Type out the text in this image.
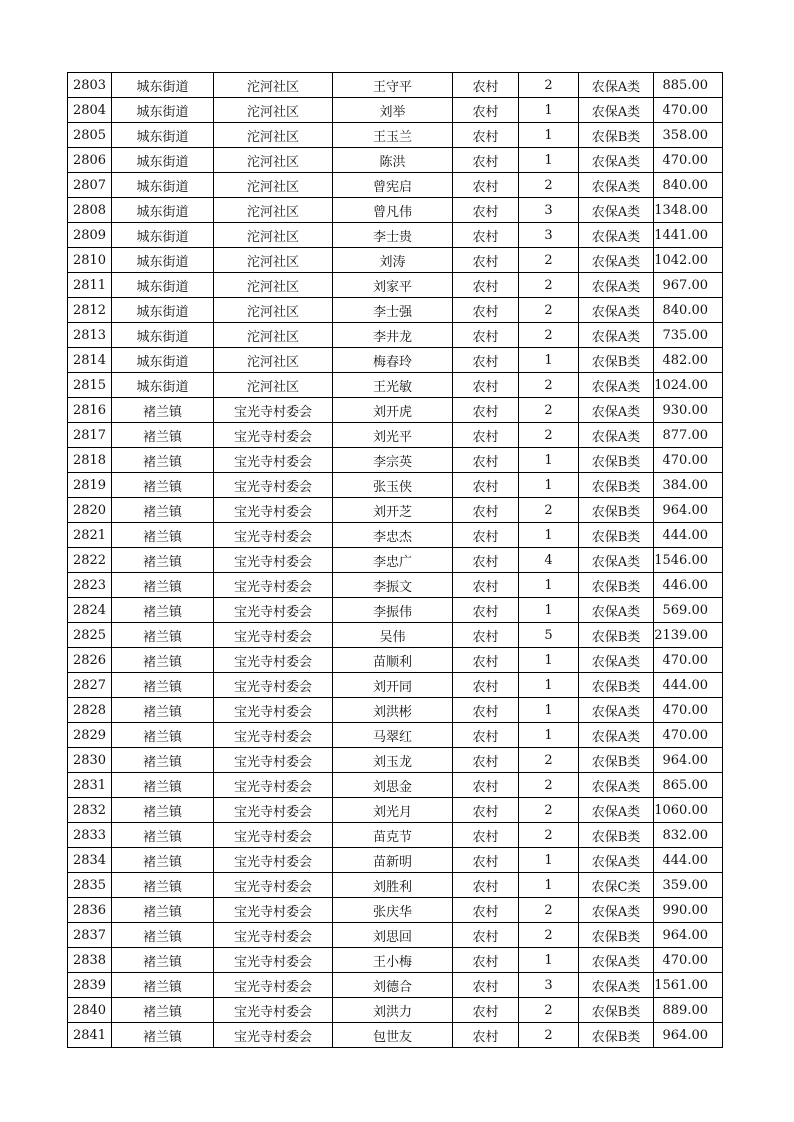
2803	城东街道	沱河社区	王守平	农村	2	农保A类	885.00
2804	城东街道	沱河社区	刘举	农村	1	农保A类	470.00
2805	城东街道	沱河社区	王玉兰	农村	1	农保B类	358.00
2806	城东街道	沱河社区	陈洪	农村	1	农保A类	470.00
2807	城东街道	沱河社区	曾宪启	农村	2	农保A类	840.00
2808	城东街道	沱河社区	曾凡伟	农村	3	农保A类	1348.00
2809	城东街道	沱河社区	李士贵	农村	3	农保A类	1441.00
2810	城东街道	沱河社区	刘涛	农村	2	农保A类	1042.00
2811	城东街道	沱河社区	刘家平	农村	2	农保A类	967.00
2812	城东街道	沱河社区	李士强	农村	2	农保A类	840.00
2813	城东街道	沱河社区	李井龙	农村	2	农保A类	735.00
2814	城东街道	沱河社区	梅春玲	农村	1	农保B类	482.00
2815	城东街道	沱河社区	王光敏	农村	2	农保A类	1024.00
2816	褚兰镇	宝光寺村委会	刘开虎	农村	2	农保A类	930.00
2817	褚兰镇	宝光寺村委会	刘光平	农村	2	农保A类	877.00
2818	褚兰镇	宝光寺村委会	李宗英	农村	1	农保B类	470.00
2819	褚兰镇	宝光寺村委会	张玉侠	农村	1	农保B类	384.00
2820	褚兰镇	宝光寺村委会	刘开芝	农村	2	农保B类	964.00
2821	褚兰镇	宝光寺村委会	李忠杰	农村	1	农保B类	444.00
2822	褚兰镇	宝光寺村委会	李忠广	农村	4	农保A类	1546.00
2823	褚兰镇	宝光寺村委会	李振文	农村	1	农保B类	446.00
2824	褚兰镇	宝光寺村委会	李振伟	农村	1	农保A类	569.00
2825	褚兰镇	宝光寺村委会	吴伟	农村	5	农保B类	2139.00
2826	褚兰镇	宝光寺村委会	苗顺利	农村	1	农保A类	470.00
2827	褚兰镇	宝光寺村委会	刘开同	农村	1	农保B类	444.00
2828	褚兰镇	宝光寺村委会	刘洪彬	农村	1	农保A类	470.00
2829	褚兰镇	宝光寺村委会	马翠红	农村	1	农保A类	470.00
2830	褚兰镇	宝光寺村委会	刘玉龙	农村	2	农保B类	964.00
2831	褚兰镇	宝光寺村委会	刘思金	农村	2	农保A类	865.00
2832	褚兰镇	宝光寺村委会	刘光月	农村	2	农保A类	1060.00
2833	褚兰镇	宝光寺村委会	苗克节	农村	2	农保B类	832.00
2834	褚兰镇	宝光寺村委会	苗新明	农村	1	农保A类	444.00
2835	褚兰镇	宝光寺村委会	刘胜利	农村	1	农保C类	359.00
2836	褚兰镇	宝光寺村委会	张庆华	农村	2	农保A类	990.00
2837	褚兰镇	宝光寺村委会	刘思回	农村	2	农保B类	964.00
2838	褚兰镇	宝光寺村委会	王小梅	农村	1	农保A类	470.00
2839	褚兰镇	宝光寺村委会	刘德合	农村	3	农保A类	1561.00
2840	褚兰镇	宝光寺村委会	刘洪力	农村	2	农保B类	889.00
2841	褚兰镇	宝光寺村委会	包世友	农村	2	农保B类	964.00
